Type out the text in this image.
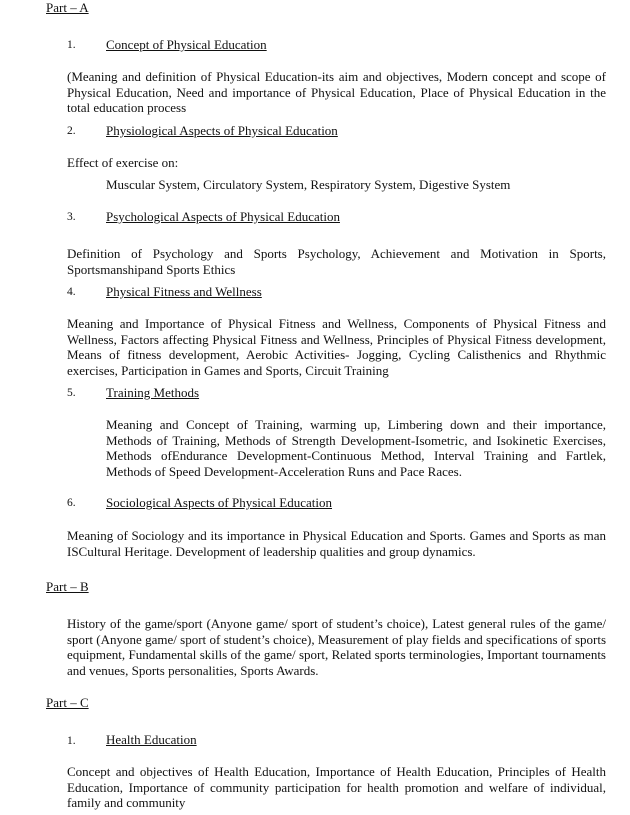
Part – A
1. Concept of Physical Education
(Meaning and definition of Physical Education-its aim and objectives, Modern concept and scope of Physical Education, Need and importance of Physical Education, Place of Physical Education in the total education process
2. Physiological Aspects of Physical Education
Effect of exercise on:
Muscular System, Circulatory System, Respiratory System, Digestive System
3. Psychological Aspects of Physical Education
Definition of Psychology and Sports Psychology, Achievement and Motivation in Sports, Sportsmanshipand Sports Ethics
4. Physical Fitness and Wellness
Meaning and Importance of Physical Fitness and Wellness, Components of Physical Fitness and Wellness, Factors affecting Physical Fitness and Wellness, Principles of Physical Fitness development, Means of fitness development, Aerobic Activities- Jogging, Cycling Calisthenics and Rhythmic exercises, Participation in Games and Sports, Circuit Training
5. Training Methods
Meaning and Concept of Training, warming up, Limbering down and their importance, Methods of Training, Methods of Strength Development-Isometric, and Isokinetic Exercises, Methods ofEndurance Development-Continuous Method, Interval Training and Fartlek, Methods of Speed Development-Acceleration Runs and Pace Races.
6. Sociological Aspects of Physical Education
Meaning of Sociology and its importance in Physical Education and Sports. Games and Sports as man ISCultural Heritage. Development of leadership qualities and group dynamics.
Part – B
History of the game/sport (Anyone game/ sport of student’s choice), Latest general rules of the game/ sport (Anyone game/ sport of student’s choice), Measurement of play fields and specifications of sports equipment, Fundamental skills of the game/ sport, Related sports terminologies, Important tournaments and venues, Sports personalities, Sports Awards.
Part – C
1. Health Education
Concept and objectives of Health Education, Importance of Health Education, Principles of Health Education, Importance of community participation for health promotion and welfare of individual, family and community
